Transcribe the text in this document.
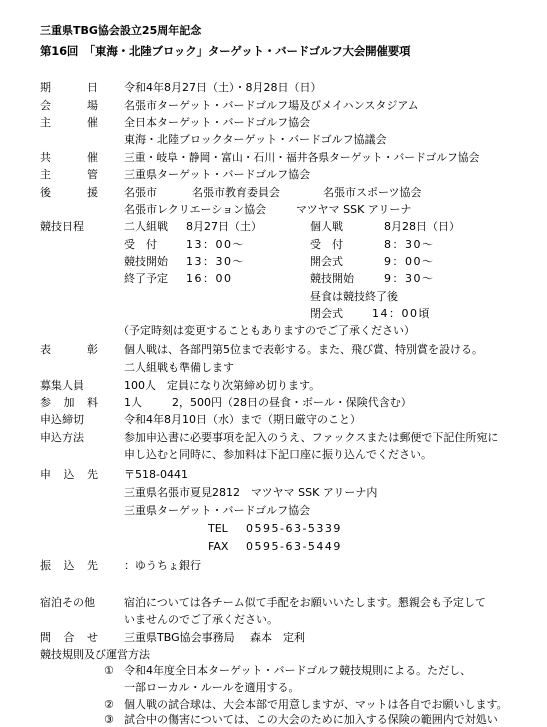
三重県TBG協会設立25周年記念
第16回　「東海・北陸ブロック」ターゲット・バードゴルフ大会開催要項
期	日 令和4年8月27日（土）・8月28日（日）
会	場 名張市ターゲット・バードゴルフ場及びメイハンスタジアム
主	催 全日本ターゲット・バードゴルフ協会
東海・北陸ブロックターゲット・バードゴルフ協議会
共	催 三重・岐阜・静岡・富山・石川・福井各県ターゲット・バードゴルフ協会
主	管 三重県ターゲット・バードゴルフ協会
後	援 名張市	名張市教育委員会	名張市スポーツ協会
名張市レクリエーション協会	マツヤマ SSK アリーナ
競技日程	二人組戦 8月27日（土）	個人戦	8月28日（日）
受　付	13：00～	受　付	8：30～
競技開始 13：30～	開会式	9：00～
終了予定 16：00	競技開始	9：30～
昼食は競技終了後
閉会式	14：00頃
（予定時刻は変更することもありますのでご了承ください）
表	彰 個人戦は、各部門第5位まで表彰する。また、飛び賞、特別賞を設ける。
二人組戦も準備します
募集人員	100人　定員になり次第締め切ります。
参 加 料 1人	2，500円（28日の昼食・ボール・保険代含む）
申込締切	令和4年8月10日（水）まで（期日厳守のこと）
申込方法	参加申込書に必要事項を記入のうえ、ファックスまたは郵便で下記住所宛に
申し込むと同時に、参加料は下記口座に振り込んでください。
申 込 先 〒518-0441
三重県名張市夏見2812　マツヤマ SSK アリーナ内
三重県ターゲット・バードゴルフ協会
TEL 0595-63-5339
FAX 0595-63-5449
振 込 先 ：ゆうちょ銀行
宿泊その他	宿泊については各チーム似て手配をお願いいたします。懇親会も予定して
いませんのでご了承ください。
問 合 せ 三重県TBG協会事務局 森本　定利
競技規則及び運営方法
① 令和4年度全日本ターゲット・バードゴルフ競技規則による。ただし、
一部ローカル・ルールを適用する。
② 個人戦の試合球は、大会本部で用意しますが、マットは各自でお願いします。
③ 試合中の傷害については、この大会のために加入する保険の範囲内で対処い
